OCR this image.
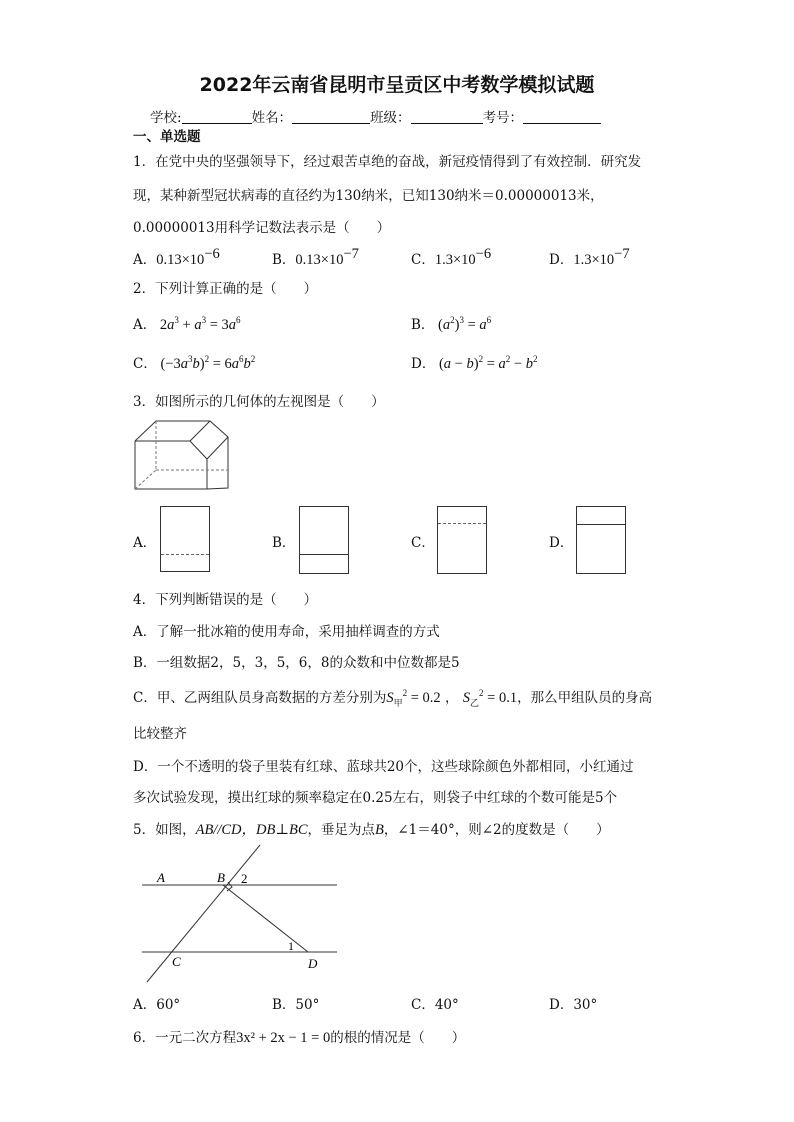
2022年云南省昆明市呈贡区中考数学模拟试题
学校:	姓名：	班级：	考号：
一、单选题
1．在党中央的坚强领导下，经过艰苦卓绝的奋战，新冠疫情得到了有效控制．研究发
现，某种新型冠状病毒的直径约为130纳米，已知130纳米＝0.00000013米，
0.00000013用科学记数法表示是（　　）
A．$0.13\times 10^{-6}$	B．$0.13\times 10^{-7}$	C．$1.3\times 10^{-6}$	D．$1.3\times 10^{-7}$
2．下列计算正确的是（　　）
A． $2a^3 + a^3 = 3a^6$	B． $(a^2)^3 = a^6$
C． $(-3a^3b)^2 = 6a^6b^2$	D． $(a - b)^2 = a^2 - b^2$
3．如图所示的几何体的左视图是（　　）
A．	B．	C．	D．
4．下列判断错误的是（　　）
A．了解一批冰箱的使用寿命，采用抽样调查的方式
B．一组数据2，5，3，5，6，8的众数和中位数都是5
C．甲、乙两组队员身高数据的方差分别为$S_甲^2 = 0.2$ ， $S_乙^2 = 0.1$，那么甲组队员的身高
比较整齐
D．一个不透明的袋子里装有红球、蓝球共20个，这些球除颜色外都相同，小红通过
多次试验发现，摸出红球的频率稳定在0.25左右，则袋子中红球的个数可能是5个
5．如图，AB//CD，DB⊥BC，垂足为点B，∠1＝40°，则∠2的度数是（　　）
A	B 2
1
C	D
A．60°	B．50°	C．40°	D．30°
6．一元二次方程3x² + 2x − 1 = 0的根的情况是（　　）
